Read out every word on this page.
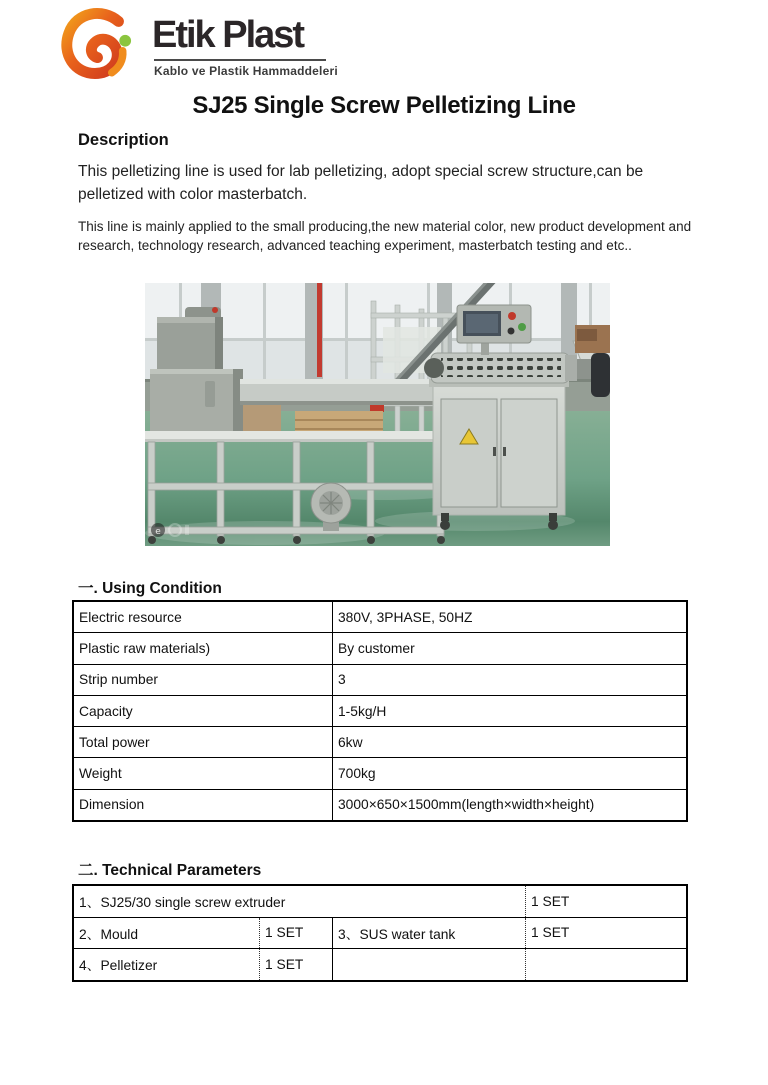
Etik Plast
Kablo ve Plastik Hammaddeleri
SJ25 Single Screw Pelletizing Line
Description

This pelletizing line is used for lab pelletizing, adopt special screw structure,can be pelletized with color masterbatch.

This line is mainly applied to the small producing,the new material color, new product development and research, technology research, advanced teaching experiment, masterbatch testing and etc..

e
一. Using Condition
Electric resource	380V, 3PHASE, 50HZ
Plastic raw materials)	By customer
Strip number	3
Capacity	1-5kg/H
Total power	6kw
Weight	700kg
Dimension	3000×650×1500mm(length×width×height)
二. Technical Parameters
1、SJ25/30 single screw extruder	1 SET
2、Mould	1 SET	3、SUS water tank	1 SET
4、Pelletizer	1 SET
